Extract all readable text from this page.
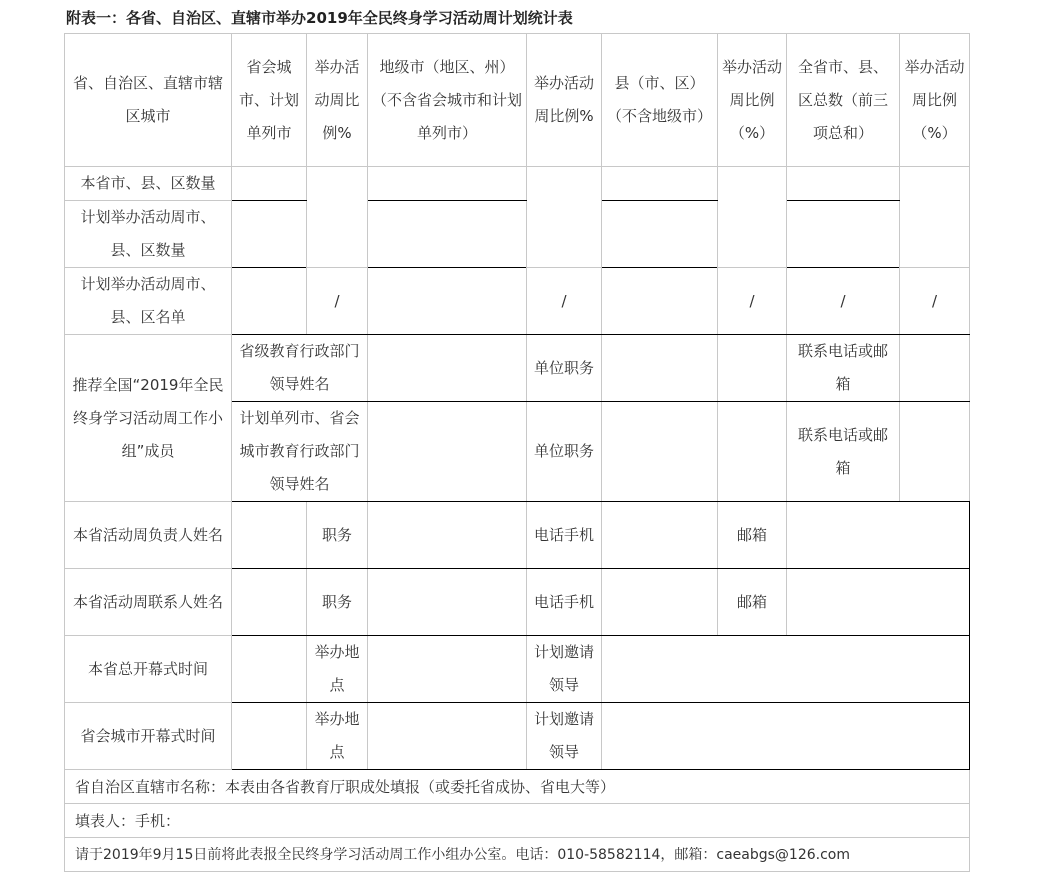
附表一：各省、自治区、直辖市举办2019年全民终身学习活动周计划统计表
省、自治区、直辖市辖区城市	省会城市、计划单列市	举办活动周比例%	地级市（地区、州）（不含省会城市和计划单列市）	举办活动周比例%	县（市、区）（不含地级市）	举办活动周比例（%）	全省市、县、区总数（前三项总和）	举办活动周比例（%）
本省市、县、区数量								
计划举办活动周市、县、区数量								
计划举办活动周市、县、区名单		/		/		/	/	/
推荐全国“2019年全民终身学习活动周工作小组”成员	省级教育行政部门领导姓名			单位职务			联系电话或邮箱	
	计划单列市、省会城市教育行政部门领导姓名			单位职务			联系电话或邮箱	
本省活动周负责人姓名		职务		电话手机		邮箱		
本省活动周联系人姓名		职务		电话手机		邮箱		
本省总开幕式时间		举办地点		计划邀请领导				
省会城市开幕式时间		举办地点		计划邀请领导				
省自治区直辖市名称：本表由各省教育厅职成处填报（或委托省成协、省电大等）								
填表人：手机：								
请于2019年9月15日前将此表报全民终身学习活动周工作小组办公室。电话：010-58582114，邮箱：caeabgs@126.com								
